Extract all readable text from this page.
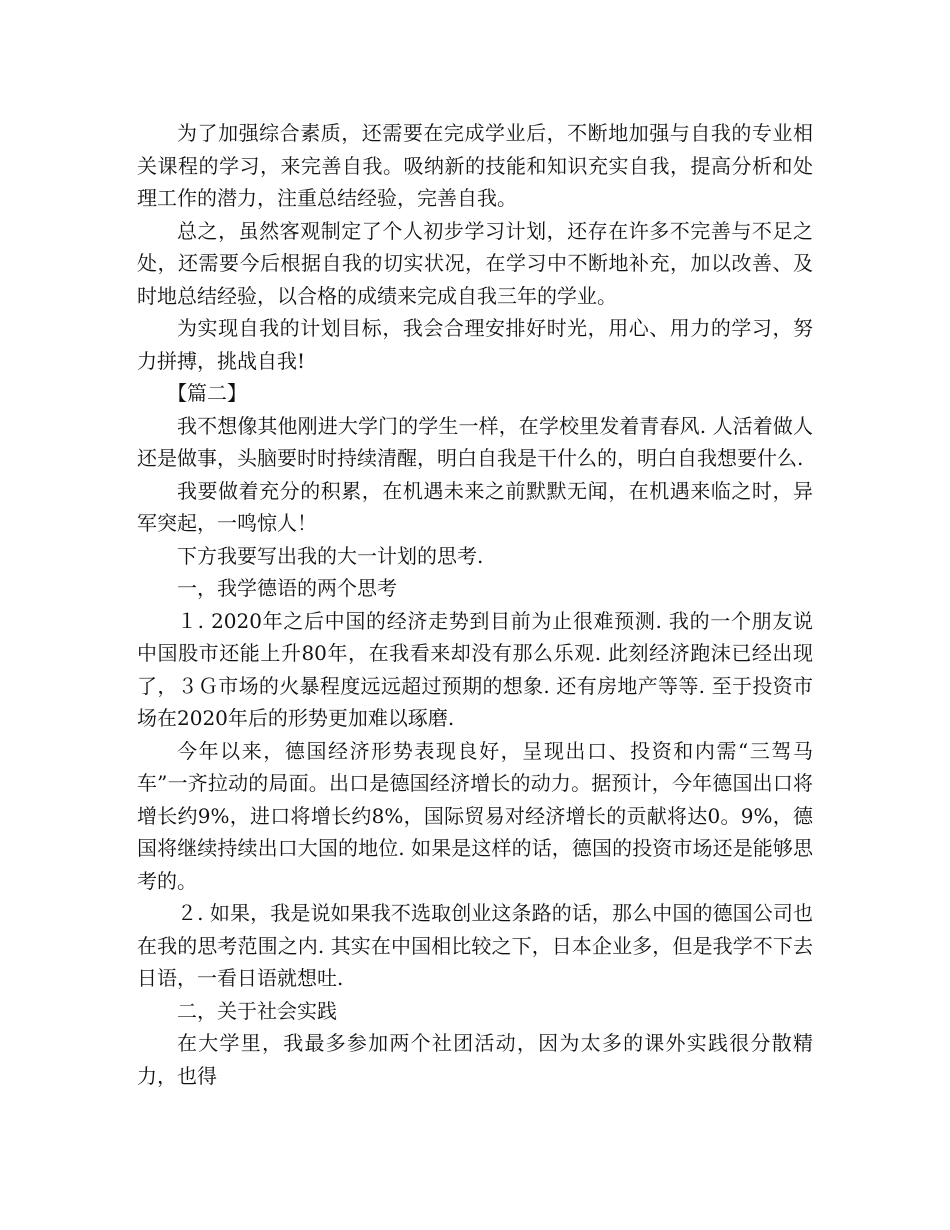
为了加强综合素质，还需要在完成学业后，不断地加强与自我的专业相关课程的学习，来完善自我。吸纳新的技能和知识充实自我，提高分析和处理工作的潜力，注重总结经验，完善自我。

总之，虽然客观制定了个人初步学习计划，还存在许多不完善与不足之处，还需要今后根据自我的切实状况，在学习中不断地补充，加以改善、及时地总结经验，以合格的成绩来完成自我三年的学业。

为实现自我的计划目标，我会合理安排好时光，用心、用力的学习，努力拼搏，挑战自我!

【篇二】

我不想像其他刚进大学门的学生一样，在学校里发着青春风. 人活着做人还是做事，头脑要时时持续清醒，明白自我是干什么的，明白自我想要什么.

我要做着充分的积累，在机遇未来之前默默无闻，在机遇来临之时，异军突起，一鸣惊人！

下方我要写出我的大一计划的思考.

一，我学德语的两个思考

１. 2020年之后中国的经济走势到目前为止很难预测. 我的一个朋友说中国股市还能上升80年，在我看来却没有那么乐观. 此刻经济跑沫已经出现了，３Ｇ市场的火暴程度远远超过预期的想象. 还有房地产等等. 至于投资市场在2020年后的形势更加难以琢磨.

今年以来，德国经济形势表现良好，呈现出口、投资和内需“三驾马车”一齐拉动的局面。出口是德国经济增长的动力。据预计，今年德国出口将增长约9%，进口将增长约8%，国际贸易对经济增长的贡献将达0。9%，德国将继续持续出口大国的地位. 如果是这样的话，德国的投资市场还是能够思考的。

２. 如果，我是说如果我不选取创业这条路的话，那么中国的德国公司也在我的思考范围之内. 其实在中国相比较之下，日本企业多，但是我学不下去日语，一看日语就想吐.

二，关于社会实践

在大学里，我最多参加两个社团活动，因为太多的课外实践很分散精力，也得
